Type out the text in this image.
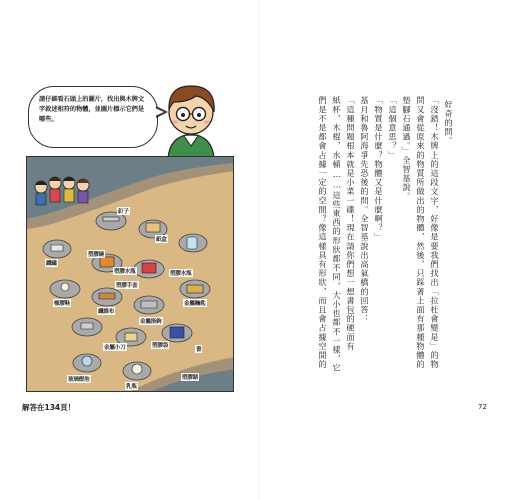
請仔細看石頭上的圖片，找出與木牌文字敘述相符的物體，並圖片標示它們是哪些。
釘子
紙盒
塑膠碗
塑膠水瓶	塑膠水瓶
鐵罐
塑膠手套
橡膠鞋
纖維布
金屬掛鉤
金屬鑰匙
金屬小刀	塑膠袋
書
塑膠錶
玻璃燈泡
乳瓶
解答在134頁！
好奇的問。
「沒錯！木牌上的這段文字，好像是要我們找出「拉杜會變是」的物
問又會從原來的物質所做出的物體，然後，只踩著上面有那種物體的
墊腳石通過。」全智基說。
「這個意思？」
「物質是什麼？物體又是什麼啊？」
基月和魯阿海爭先恐後的問。全智基說出高氣橋的回答：
「這種問題根本就是小菜一碟！現在請你們想一想書包的硬面有
紙杯，木棍，水桶……這些東西的形狀都不同，大小也都不一樣，它
們是不是都會占據一定的空間？像這樣具有形狀，而且會占據空間的
72
